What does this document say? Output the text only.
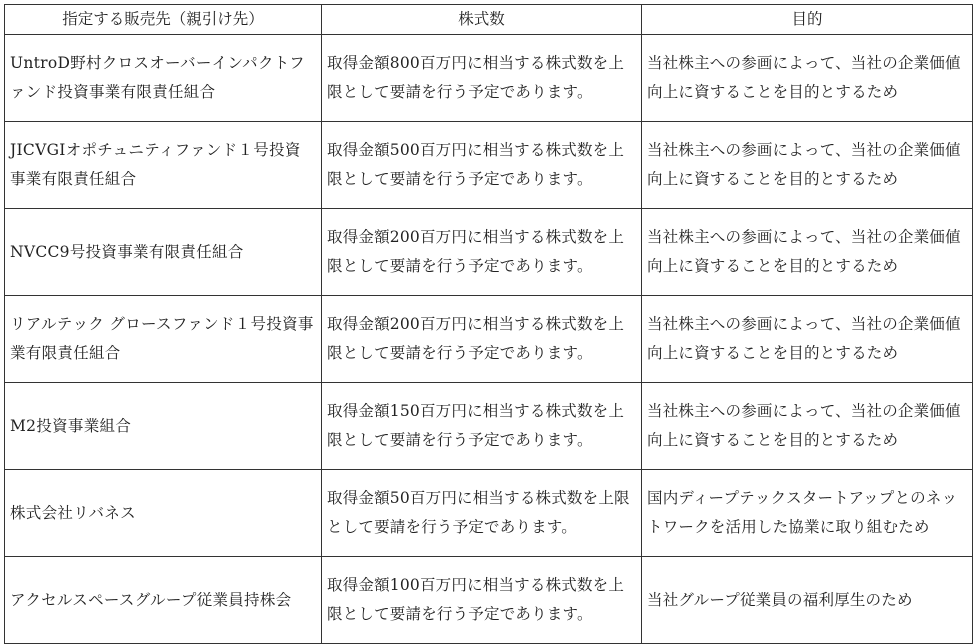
指定する販売先（親引け先）	株式数	目的
UntroD野村クロスオーバーインパクトファンド投資事業有限責任組合	取得金額800百万円に相当する株式数を上限として要請を行う予定であります。	当社株主への参画によって、当社の企業価値向上に資することを目的とするため
JICVGIオポチュニティファンド１号投資事業有限責任組合	取得金額500百万円に相当する株式数を上限として要請を行う予定であります。	当社株主への参画によって、当社の企業価値向上に資することを目的とするため
NVCC9号投資事業有限責任組合	取得金額200百万円に相当する株式数を上限として要請を行う予定であります。	当社株主への参画によって、当社の企業価値向上に資することを目的とするため
リアルテック グロースファンド１号投資事業有限責任組合	取得金額200百万円に相当する株式数を上限として要請を行う予定であります。	当社株主への参画によって、当社の企業価値向上に資することを目的とするため
M2投資事業組合	取得金額150百万円に相当する株式数を上限として要請を行う予定であります。	当社株主への参画によって、当社の企業価値向上に資することを目的とするため
株式会社リバネス	取得金額50百万円に相当する株式数を上限として要請を行う予定であります。	国内ディープテックスタートアップとのネットワークを活用した協業に取り組むため
アクセルスペースグループ従業員持株会	取得金額100百万円に相当する株式数を上限として要請を行う予定であります。	当社グループ従業員の福利厚生のため
